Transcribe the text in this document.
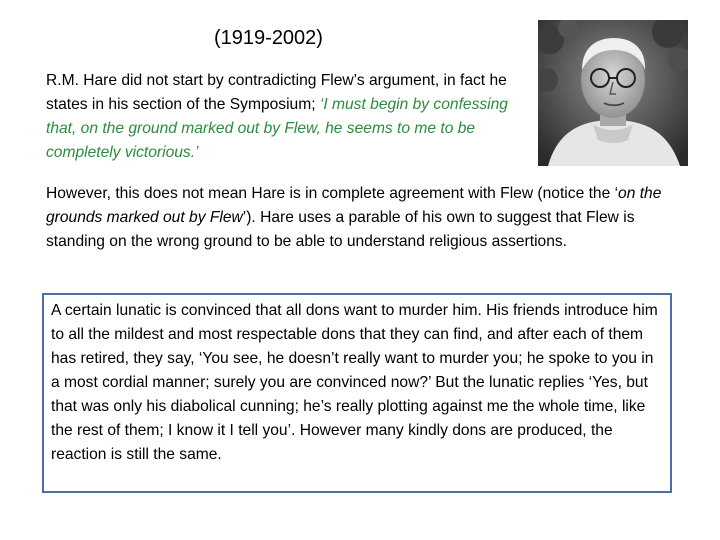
(1919-2002)
R.M. Hare did not start by contradicting Flew’s argument, in fact he states in his section of the Symposium; ‘I must begin by confessing that, on the ground marked out by Flew, he seems to me to be completely victorious.’
However, this does not mean Hare is in complete agreement with Flew (notice the ‘on the grounds marked out by Flew’). Hare uses a parable of his own to suggest that Flew is standing on the wrong ground to be able to understand religious assertions.
A certain lunatic is convinced that all dons want to murder him. His friends introduce him to all the mildest and most respectable dons that they can find, and after each of them has retired, they say, ‘You see, he doesn’t really want to murder you; he spoke to you in a most cordial manner; surely you are convinced now?’ But the lunatic replies ‘Yes, but that was only his diabolical cunning; he’s really plotting against me the whole time, like the rest of them; I know it I tell you’. However many kindly dons are produced, the reaction is still the same.
